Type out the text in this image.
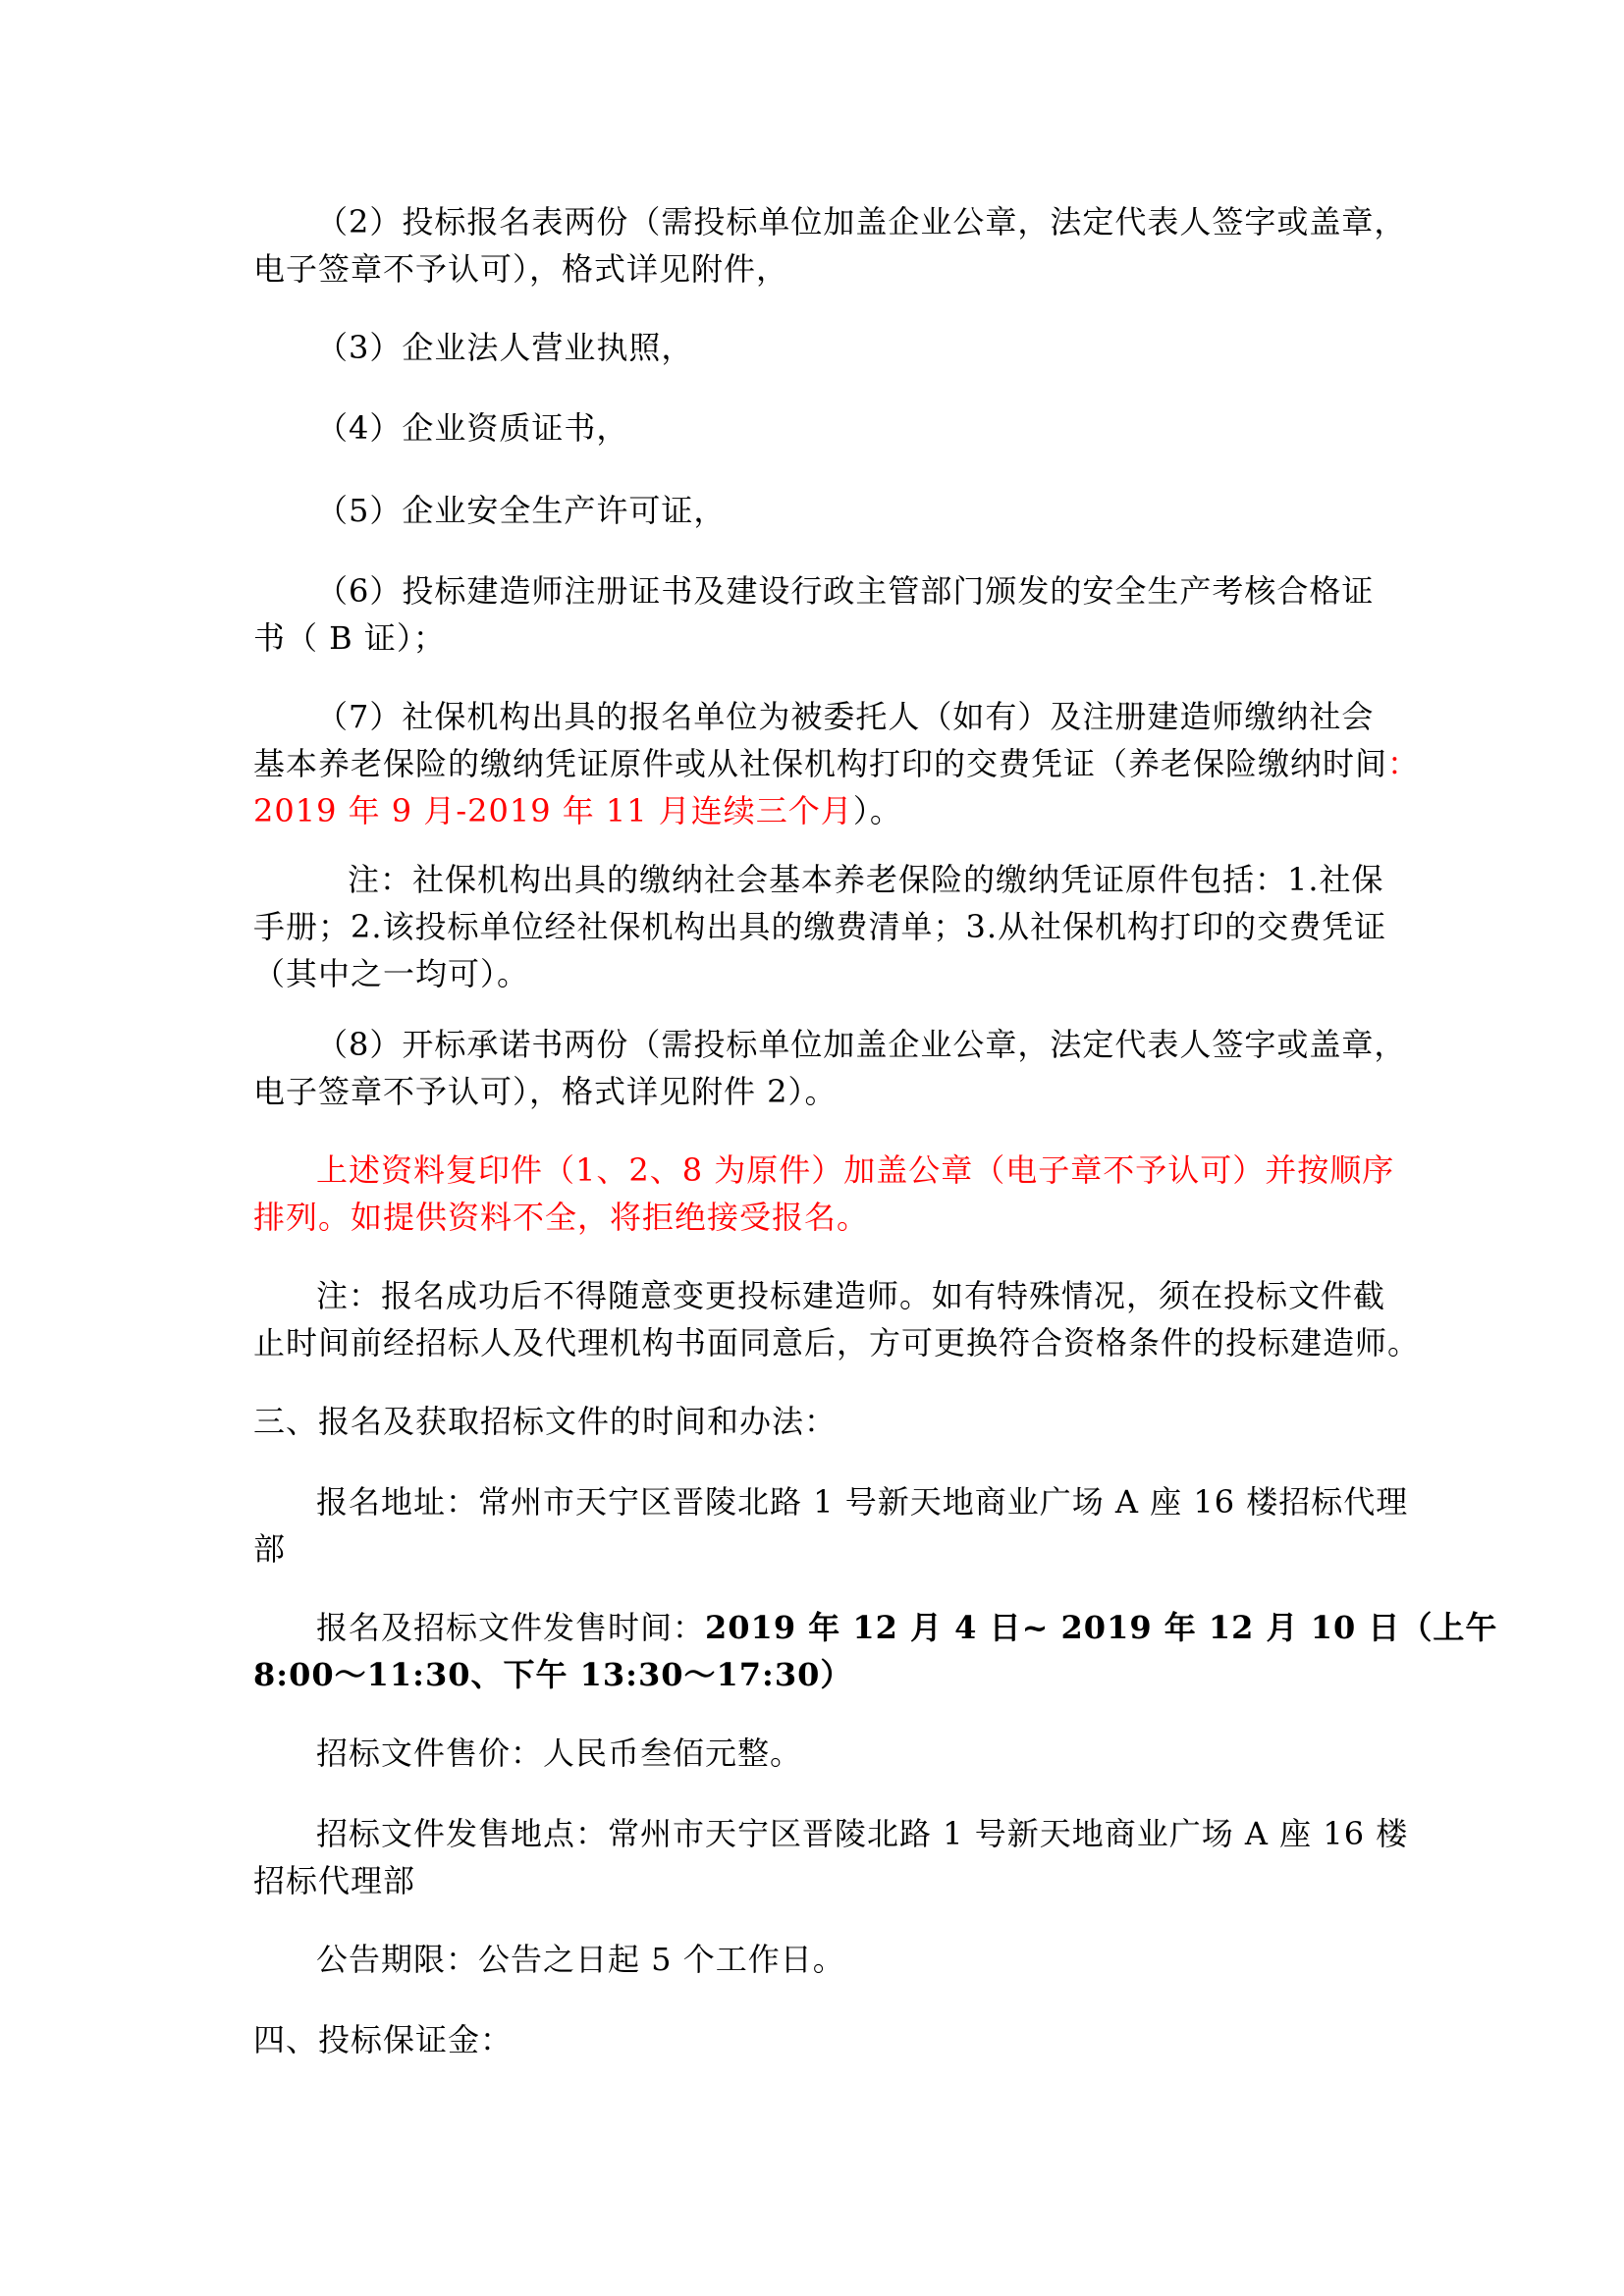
（2）投标报名表两份（需投标单位加盖企业公章，法定代表人签字或盖章，
电子签章不予认可），格式详见附件，

（3）企业法人营业执照，

（4）企业资质证书，

（5）企业安全生产许可证，

（6）投标建造师注册证书及建设行政主管部门颁发的安全生产考核合格证
书（ B 证）；

（7）社保机构出具的报名单位为被委托人（如有）及注册建造师缴纳社会
基本养老保险的缴纳凭证原件或从社保机构打印的交费凭证（养老保险缴纳时间：
2019 年 9 月-2019 年 11 月连续三个月）。

注：社保机构出具的缴纳社会基本养老保险的缴纳凭证原件包括：1.社保
手册；2.该投标单位经社保机构出具的缴费清单；3.从社保机构打印的交费凭证
（其中之一均可）。

（8）开标承诺书两份（需投标单位加盖企业公章，法定代表人签字或盖章，
电子签章不予认可），格式详见附件 2）。

上述资料复印件（1、2、8 为原件）加盖公章（电子章不予认可）并按顺序
排列。如提供资料不全，将拒绝接受报名。

注：报名成功后不得随意变更投标建造师。如有特殊情况，须在投标文件截
止时间前经招标人及代理机构书面同意后，方可更换符合资格条件的投标建造师。

三、报名及获取招标文件的时间和办法：

报名地址：常州市天宁区晋陵北路 1 号新天地商业广场 A 座 16 楼招标代理
部

报名及招标文件发售时间：2019 年 12 月 4 日~ 2019 年 12 月 10 日（上午
8:00～11:30、下午 13:30～17:30）

招标文件售价：人民币叁佰元整。

招标文件发售地点：常州市天宁区晋陵北路 1 号新天地商业广场 A 座 16 楼
招标代理部

公告期限：公告之日起 5 个工作日。

四、投标保证金：
